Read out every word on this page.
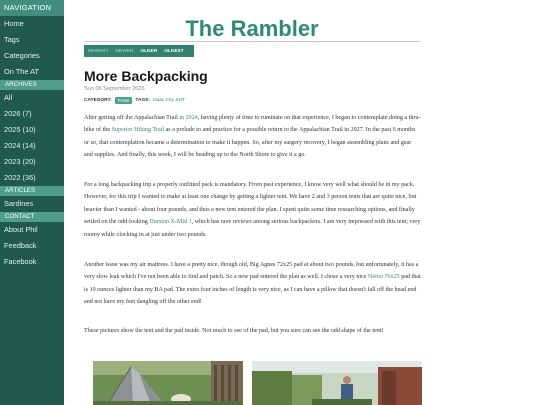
NAVIGATION
Home
Tags
Categories
On The AT
ARCHIVES
All
2026 (7)
2025 (10)
2024 (14)
2023 (20)
2022 (36)
ARTICLES
Sardines
CONTACT
About Phil
Feedback
Facebook
The Rambler
NEWEST NEWER OLDER OLDEST
More Backpacking
Sun 06 September 2026
CATEGORY:	Posts	TAGS: Isaac City SHT

After getting off the Appalachian Trail in 2024, having plenty of time to ruminate on that experience, I began to contemplate doing a thru-hike of the Superior Hiking Trail as a prelude to and practice for a possible return to the Appalachian Trail in 2027. In the past 6 months or so, that contemplation became a determination to make it happen. So, after my surgery recovery, I began assembling plans and gear and supplies. And finally, this week, I will be heading up to the North Shore to give it a go.

For a long backpacking trip a properly outfitted pack is mandatory. From past experience, I know very well what should be in my pack. However, for this trip I wanted to make at least one change by getting a lighter tent. We have 2 and 3 person tents that are quite nice, but heavier than I wanted - about four pounds, and thus a new tent entered the plan. I spent quite some time researching options, and finally settled on the odd-looking Durston X-Mid 1, which has rave reviews among serious backpackers. I am very impressed with this tent; very roomy while clocking in at just under two pounds.

Another issue was my air mattress. I have a pretty nice, though old, Big Agnes 72x25 pad at about two pounds, but unfortunately, it has a very slow leak which I've not been able to find and patch. So a new pad entered the plan as well. I chose a very nice Nemo 76x25 pad that is 10 ounces lighter than my BA pad. The extra four inches of length is very nice, as I can have a pillow that doesn't fall off the head end and not have my feet dangling off the other end!

These pictures show the tent and the pad inside. Not much to see of the pad, but you sure can see the odd shape of the tent!
